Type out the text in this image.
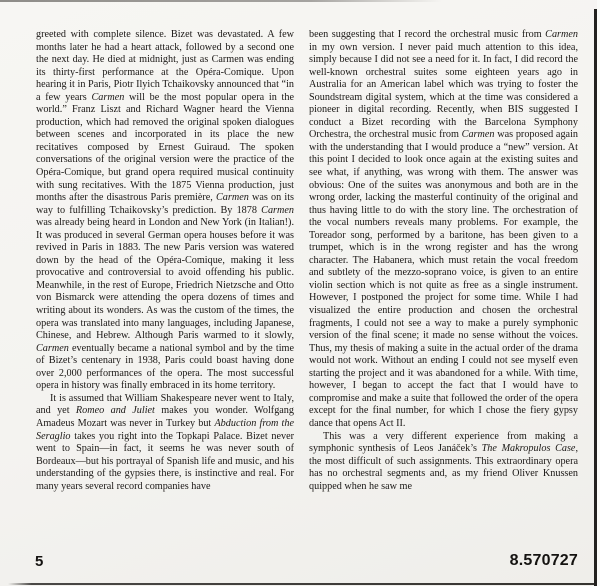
greeted with complete silence. Bizet was devastated. A few months later he had a heart attack, followed by a second one the next day. He died at midnight, just as Carmen was ending its thirty-first performance at the Opéra-Comique. Upon hearing it in Paris, Piotr Ilyich Tchaikovsky announced that “in a few years Carmen will be the most popular opera in the world.” Franz Liszt and Richard Wagner heard the Vienna production, which had removed the original spoken dialogues between scenes and incorporated in its place the new recitatives composed by Ernest Guiraud. The spoken conversations of the original version were the practice of the Opéra-Comique, but grand opera required musical continuity with sung recitatives. With the 1875 Vienna production, just months after the disastrous Paris première, Carmen was on its way to fulfilling Tchaikovsky’s prediction. By 1878 Carmen was already being heard in London and New York (in Italian!). It was produced in several German opera houses before it was revived in Paris in 1883. The new Paris version was watered down by the head of the Opéra-Comique, making it less provocative and controversial to avoid offending his public. Meanwhile, in the rest of Europe, Friedrich Nietzsche and Otto von Bismarck were attending the opera dozens of times and writing about its wonders. As was the custom of the times, the opera was translated into many languages, including Japanese, Chinese, and Hebrew. Although Paris warmed to it slowly, Carmen eventually became a national symbol and by the time of Bizet’s centenary in 1938, Paris could boast having done over 2,000 performances of the opera. The most successful opera in history was finally embraced in its home territory.

It is assumed that William Shakespeare never went to Italy, and yet Romeo and Juliet makes you wonder. Wolfgang Amadeus Mozart was never in Turkey but Abduction from the Seraglio takes you right into the Topkapi Palace. Bizet never went to Spain—in fact, it seems he was never south of Bordeaux—but his portrayal of Spanish life and music, and his understanding of the gypsies there, is instinctive and real. For many years several record companies have

been suggesting that I record the orchestral music from Carmen in my own version. I never paid much attention to this idea, simply because I did not see a need for it. In fact, I did record the well-known orchestral suites some eighteen years ago in Australia for an American label which was trying to foster the Soundstream digital system, which at the time was considered a pioneer in digital recording. Recently, when BIS suggested I conduct a Bizet recording with the Barcelona Symphony Orchestra, the orchestral music from Carmen was proposed again with the understanding that I would produce a “new” version. At this point I decided to look once again at the existing suites and see what, if anything, was wrong with them. The answer was obvious: One of the suites was anonymous and both are in the wrong order, lacking the masterful continuity of the original and thus having little to do with the story line. The orchestration of the vocal numbers reveals many problems. For example, the Toreador song, performed by a baritone, has been given to a trumpet, which is in the wrong register and has the wrong character. The Habanera, which must retain the vocal freedom and subtlety of the mezzo-soprano voice, is given to an entire violin section which is not quite as free as a single instrument. However, I postponed the project for some time. While I had visualized the entire production and chosen the orchestral fragments, I could not see a way to make a purely symphonic version of the final scene; it made no sense without the voices. Thus, my thesis of making a suite in the actual order of the drama would not work. Without an ending I could not see myself even starting the project and it was abandoned for a while. With time, however, I began to accept the fact that I would have to compromise and make a suite that followed the order of the opera except for the final number, for which I chose the fiery gypsy dance that opens Act II.

This was a very different experience from making a symphonic synthesis of Leos Janáček’s The Makropulos Case, the most difficult of such assignments. This extraordinary opera has no orchestral segments and, as my friend Oliver Knussen quipped when he saw me

5	8.570727
